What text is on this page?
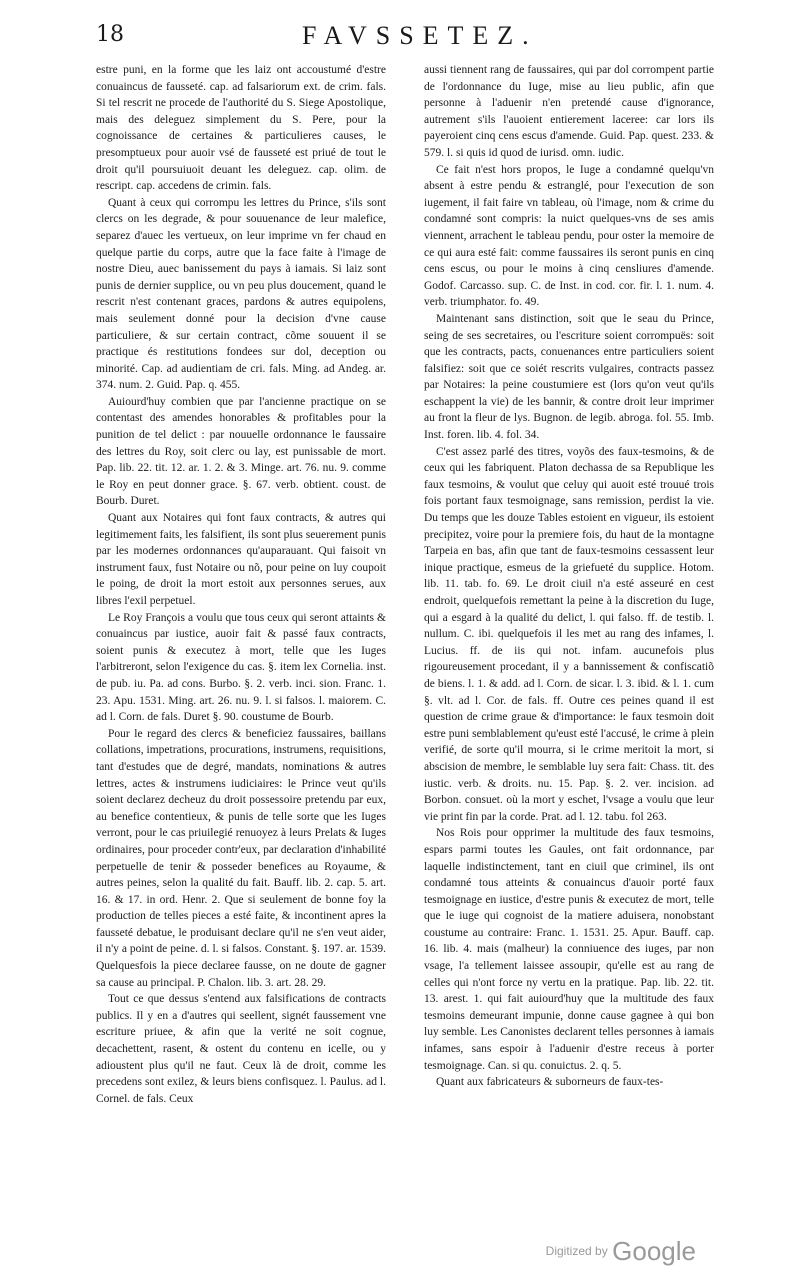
18	FAVSSETEZ.

estre puni, en la forme que les laiz ont accoustumé d'estre conuaincus de fausseté. cap. ad falsariorum ext. de crim. fals. Si tel rescrit ne procede de l'authorité du S. Siege Apostolique, mais des deleguez simplement du S. Pere, pour la cognoissance de certaines & particulieres causes, le presomptueux pour auoir vsé de fausseté est priué de tout le droit qu'il poursuiuoit deuant les deleguez. cap. olim. de rescript. cap. accedens de crimin. fals.

Quant à ceux qui corrompu les lettres du Prince, s'ils sont clercs on les degrade, & pour souuenance de leur malefice, separez d'auec les vertueux, on leur imprime vn fer chaud en quelque partie du corps, autre que la face faite à l'image de nostre Dieu, auec banissement du pays à iamais. Si laiz sont punis de dernier supplice, ou vn peu plus doucement, quand le rescrit n'est contenant graces, pardons & autres equipolens, mais seulement donné pour la decision d'vne cause particuliere, & sur certain contract, cõme souuent il se practique és restitutions fondees sur dol, deception ou minorité. Cap. ad audientiam de cri. fals. Ming. ad Andeg. ar. 374. num. 2. Guid. Pap. q. 455.

Auiourd'huy combien que par l'ancienne practique on se contentast des amendes honorables & profitables pour la punition de tel delict : par nouuelle ordonnance le faussaire des lettres du Roy, soit clerc ou lay, est punissable de mort. Pap. lib. 22. tit. 12. ar. 1. 2. & 3. Minge. art. 76. nu. 9. comme le Roy en peut donner grace. §. 67. verb. obtient. coust. de Bourb. Duret.

Quant aux Notaires qui font faux contracts, & autres qui legitimement faits, les falsifient, ils sont plus seuerement punis par les modernes ordonnances qu'auparauant. Qui faisoit vn instrument faux, fust Notaire ou nõ, pour peine on luy coupoit le poing, de droit la mort estoit aux personnes serues, aux libres l'exil perpetuel.

Le Roy François a voulu que tous ceux qui seront attaints & conuaincus par iustice, auoir fait & passé faux contracts, soient punis & executez à mort, telle que les Iuges l'arbitreront, selon l'exigence du cas. §. item lex Cornelia. inst. de pub. iu. Pa. ad cons. Burbo. §. 2. verb. inci. sion. Franc. 1. 23. Apu. 1531. Ming. art. 26. nu. 9. l. si falsos. l. maiorem. C. ad l. Corn. de fals. Duret §. 90. coustume de Bourb.

Pour le regard des clercs & beneficiez faussaires, baillans collations, impetrations, procurations, instrumens, requisitions, tant d'estudes que de degré, mandats, nominations & autres lettres, actes & instrumens iudiciaires: le Prince veut qu'ils soient declarez decheuz du droit possessoire pretendu par eux, au benefice contentieux, & punis de telle sorte que les Iuges verront, pour le cas priuilegié renuoyez à leurs Prelats & Iuges ordinaires, pour proceder contr'eux, par declaration d'inhabilité perpetuelle de tenir & posseder benefices au Royaume, & autres peines, selon la qualité du fait. Bauff. lib. 2. cap. 5. art. 16. & 17. in ord. Henr. 2. Que si seulement de bonne foy la production de telles pieces a esté faite, & incontinent apres la fausseté debatue, le produisant declare qu'il ne s'en veut aider, il n'y a point de peine. d. l. si falsos. Constant. §. 197. ar. 1539. Quelquesfois la piece declaree fausse, on ne doute de gagner sa cause au principal. P. Chalon. lib. 3. art. 28. 29.

Tout ce que dessus s'entend aux falsifications de contracts publics. Il y en a d'autres qui seellent, signét faussement vne escriture priuee, & afin que la verité ne soit cognue, decachettent, rasent, & ostent du contenu en icelle, ou y adioustent plus qu'il ne faut. Ceux là de droit, comme les precedens sont exilez, & leurs biens confisquez. l. Paulus. ad l. Cornel. de fals. Ceux

aussi tiennent rang de faussaires, qui par dol corrompent partie de l'ordonnance du Iuge, mise au lieu public, afin que personne à l'aduenir n'en pretendé cause d'ignorance, autrement s'ils l'auoient entierement laceree: car lors ils payeroient cinq cens escus d'amende. Guid. Pap. quest. 233. & 579. l. si quis id quod de iurisd. omn. iudic.

Ce fait n'est hors propos, le Iuge a condamné quelqu'vn absent à estre pendu & estranglé, pour l'execution de son iugement, il fait faire vn tableau, où l'image, nom & crime du condamné sont compris: la nuict quelques-vns de ses amis viennent, arrachent le tableau pendu, pour oster la memoire de ce qui aura esté fait: comme faussaires ils seront punis en cinq cens escus, ou pour le moins à cinq censliures d'amende. Godof. Carcasso. sup. C. de Inst. in cod. cor. fir. l. 1. num. 4. verb. triumphator. fo. 49.

Maintenant sans distinction, soit que le seau du Prince, seing de ses secretaires, ou l'escriture soient corrompuës: soit que les contracts, pacts, conuenances entre particuliers soient falsifiez: soit que ce soiét rescrits vulgaires, contracts passez par Notaires: la peine coustumiere est (lors qu'on veut qu'ils eschappent la vie) de les bannir, & contre droit leur imprimer au front la fleur de lys. Bugnon. de legib. abroga. fol. 55. Imb. Inst. foren. lib. 4. fol. 34.

C'est assez parlé des titres, voyõs des faux-tesmoins, & de ceux qui les fabriquent. Platon dechassa de sa Republique les faux tesmoins, & voulut que celuy qui auoit esté trouué trois fois portant faux tesmoignage, sans remission, perdist la vie. Du temps que les douze Tables estoient en vigueur, ils estoient precipitez, voire pour la premiere fois, du haut de la montagne Tarpeia en bas, afin que tant de faux-tesmoins cessassent leur inique practique, esmeus de la griefueté du supplice. Hotom. lib. 11. tab. fo. 69. Le droit ciuil n'a esté asseuré en cest endroit, quelquefois remettant la peine à la discretion du Iuge, qui a esgard à la qualité du delict, l. qui falso. ff. de testib. l. nullum. C. ibi. quelquefois il les met au rang des infames, l. Lucius. ff. de iis qui not. infam. aucunefois plus rigoureusement procedant, il y a bannissement & confiscatiõ de biens. l. 1. & add. ad l. Corn. de sicar. l. 3. ibid. & l. 1. cum §. vlt. ad l. Cor. de fals. ff. Outre ces peines quand il est question de crime graue & d'importance: le faux tesmoin doit estre puni semblablement qu'eust esté l'accusé, le crime à plein verifié, de sorte qu'il mourra, si le crime meritoit la mort, si abscision de membre, le semblable luy sera fait: Chass. tit. des iustic. verb. & droits. nu. 15. Pap. §. 2. ver. incision. ad Borbon. consuet. où la mort y eschet, l'vsage a voulu que leur vie print fin par la corde. Prat. ad l. 12. tabu. fol 263.

Nos Rois pour opprimer la multitude des faux tesmoins, espars parmi toutes les Gaules, ont fait ordonnance, par laquelle indistinctement, tant en ciuil que criminel, ils ont condamné tous atteints & conuaincus d'auoir porté faux tesmoignage en iustice, d'estre punis & executez de mort, telle que le iuge qui cognoist de la matiere aduisera, nonobstant coustume au contraire: Franc. 1. 1531. 25. Apur. Bauff. cap. 16. lib. 4. mais (malheur) la conniuence des iuges, par non vsage, l'a tellement laissee assoupir, qu'elle est au rang de celles qui n'ont force ny vertu en la pratique. Pap. lib. 22. tit. 13. arest. 1. qui fait auiourd'huy que la multitude des faux tesmoins demeurant impunie, donne cause gagnee à qui bon luy semble. Les Canonistes declarent telles personnes à iamais infames, sans espoir à l'aduenir d'estre receus à porter tesmoignage. Can. si qu. conuictus. 2. q. 5.

Quant aux fabricateurs & suborneurs de faux-tes-

$^{Digitized by}$ Google
